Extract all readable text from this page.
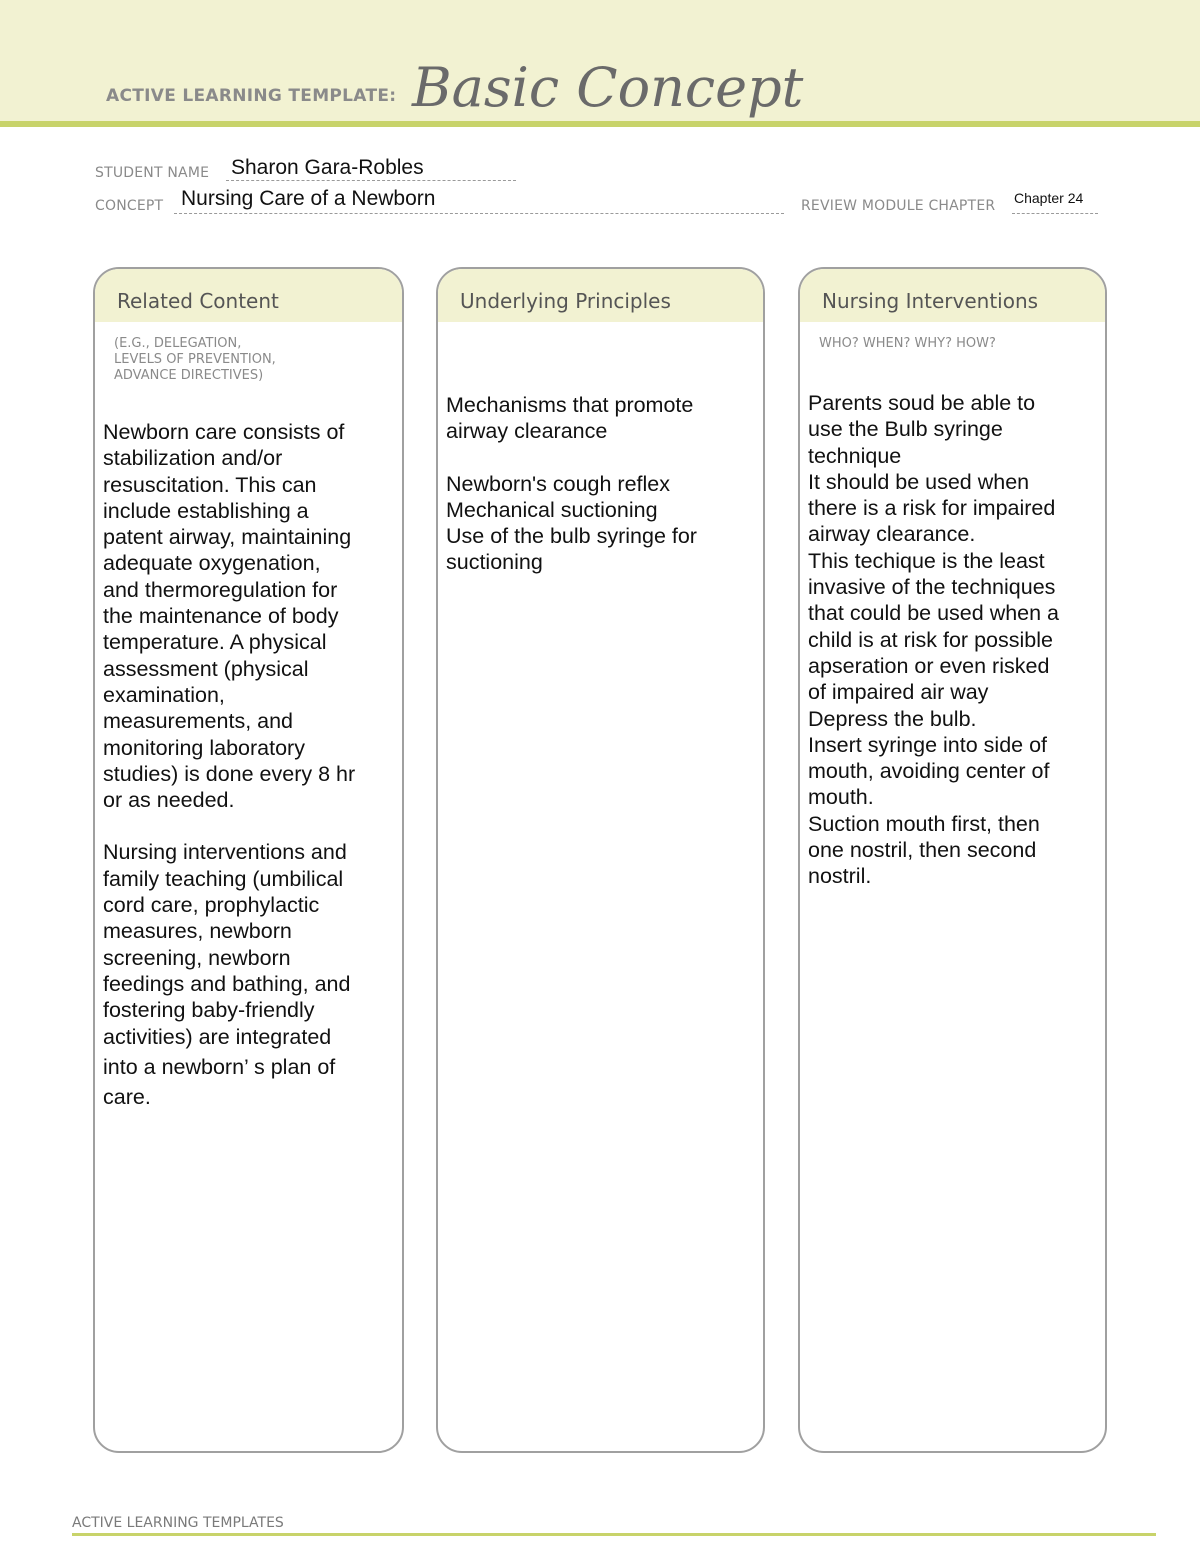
ACTIVE LEARNING TEMPLATE: Basic Concept
STUDENT NAME Sharon Gara-Robles
CONCEPT Nursing Care of a Newborn	REVIEW MODULE CHAPTER Chapter 24
Related Content
(E.G., DELEGATION,
LEVELS OF PREVENTION,
ADVANCE DIRECTIVES)
Newborn care consists of
stabilization and/or
resuscitation. This can
include establishing a
patent airway, maintaining
adequate oxygenation,
and thermoregulation for
the maintenance of body
temperature. A physical
assessment (physical
examination,
measurements, and
monitoring laboratory
studies) is done every 8 hr
or as needed.
Nursing interventions and
family teaching (umbilical
cord care, prophylactic
measures, newborn
screening, newborn
feedings and bathing, and
fostering baby-friendly
activities) are integrated
into a newborn’ s plan of
care.
Underlying Principles
Mechanisms that promote
airway clearance
Newborn's cough reflex
Mechanical suctioning
Use of the bulb syringe for
suctioning
Nursing Interventions
WHO? WHEN? WHY? HOW?
Parents soud be able to
use the Bulb syringe
technique
It should be used when
there is a risk for impaired
airway clearance.
This techique is the least
invasive of the techniques
that could be used when a
child is at risk for possible
apseration or even risked
of impaired air way
Depress the bulb.
Insert syringe into side of
mouth, avoiding center of
mouth.
Suction mouth first, then
one nostril, then second
nostril.
ACTIVE LEARNING TEMPLATES
